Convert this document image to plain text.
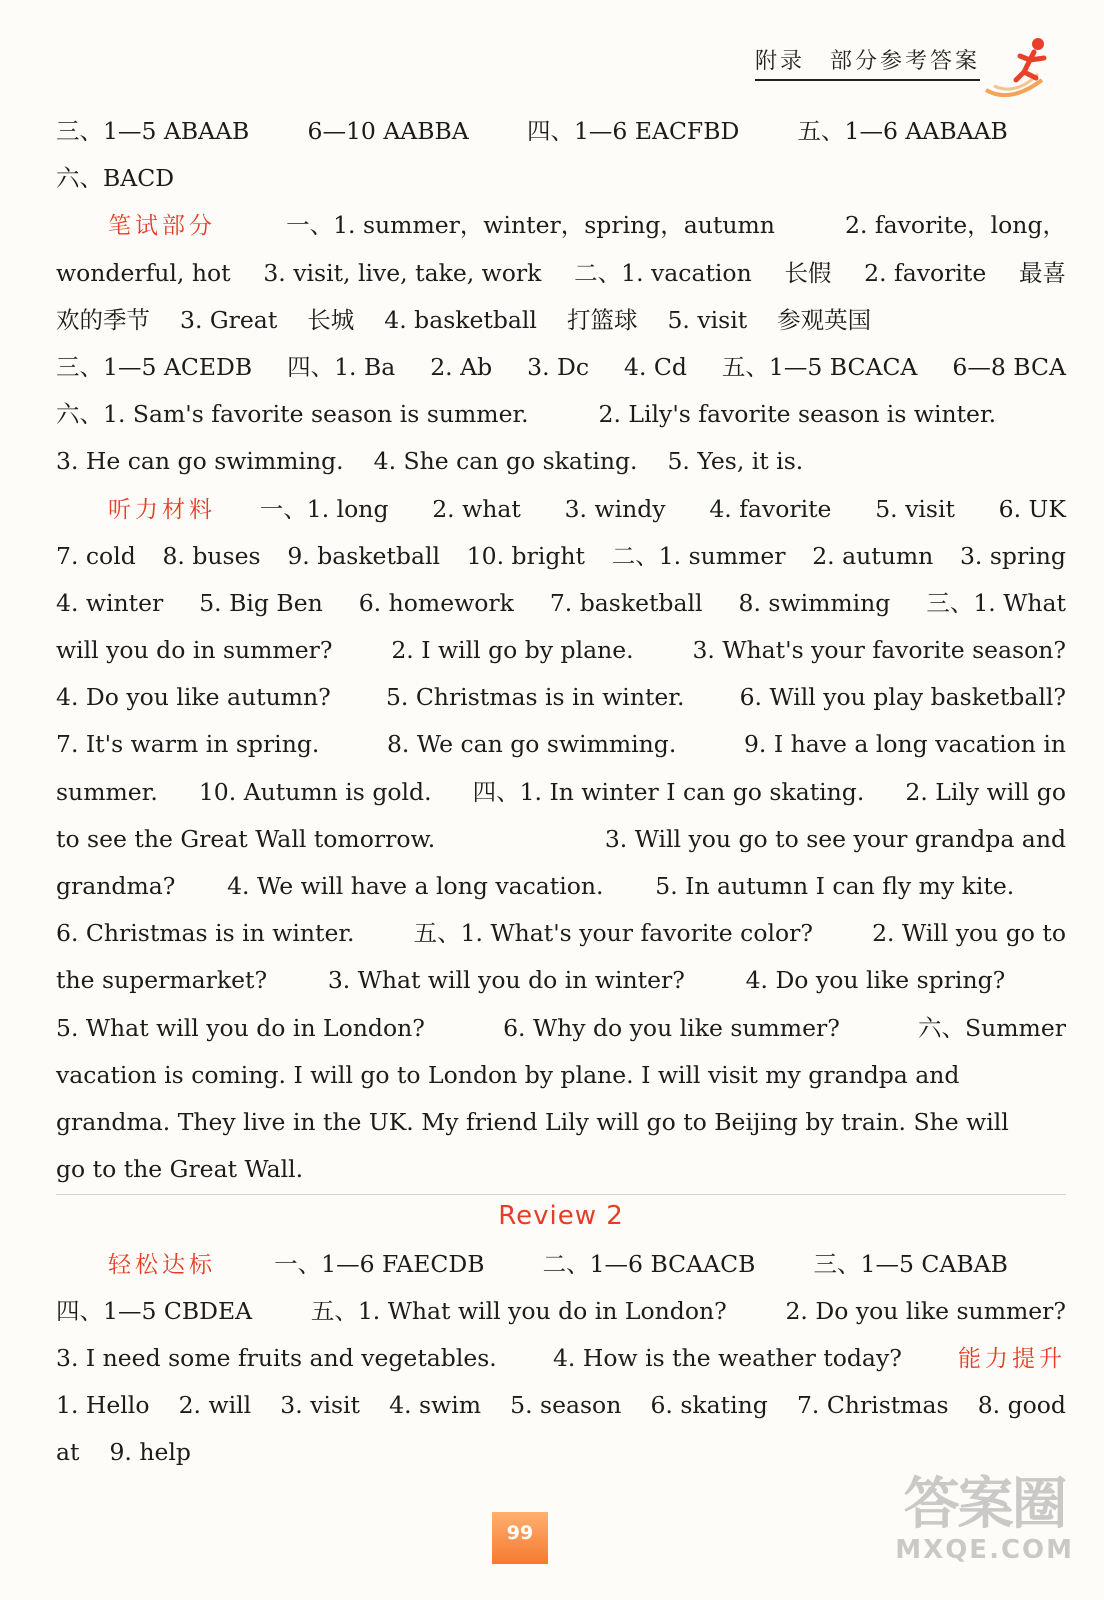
附录　部分参考答案
三、1—5 ABAAB 6—10 AABBA 四、1—6 EACFBD 五、1—6 AABAAB
六、BACD
笔试部分	一、1. summer，winter，spring，autumn	2. favorite，long，
wonderful, hot 3. visit, live, take, work 二、1. vacation 长假 2. favorite 最喜
欢的季节 3. Great 长城 4. basketball 打篮球 5. visit 参观英国
三、1—5 ACEDB 四、1. Ba 2. Ab 3. Dc 4. Cd 五、1—5 BCACA 6—8 BCA
六、1. Sam's favorite season is summer.	2. Lily's favorite season is winter.
3. He can go swimming. 4. She can go skating. 5. Yes, it is.
听力材料 一、1. long 2. what 3. windy 4. favorite 5. visit 6. UK
7. cold 8. buses 9. basketball 10. bright 二、1. summer 2. autumn 3. spring
4. winter 5. Big Ben 6. homework 7. basketball 8. swimming 三、1. What
will you do in summer?	2. I will go by plane.	3. What's your favorite season?
4. Do you like autumn? 5. Christmas is in winter. 6. Will you play basketball?
7. It's warm in spring.	8. We can go swimming.	9. I have a long vacation in
summer. 10. Autumn is gold. 四、1. In winter I can go skating. 2. Lily will go
to see the Great Wall tomorrow.	3. Will you go to see your grandpa and
grandma? 4. We will have a long vacation. 5. In autumn I can fly my kite.
6. Christmas is in winter.	五、1. What's your favorite color?	2. Will you go to
the supermarket?	3. What will you do in winter?	4. Do you like spring?
5. What will you do in London?	6. Why do you like summer?	六、Summer
vacation is coming. I will go to London by plane. I will visit my grandpa and
grandma. They live in the UK. My friend Lily will go to Beijing by train. She will
go to the Great Wall.
Review 2
轻松达标 一、1—6 FAECDB 二、1—6 BCAACB 三、1—5 CABAB
四、1—5 CBDEA	五、1. What will you do in London?	2. Do you like summer?
3. I need some fruits and vegetables. 4. How is the weather today? 能力提升
1. Hello 2. will 3. visit 4. swim 5. season 6. skating 7. Christmas 8. good
at 9. help
99	答案圈
MXQE.COM
